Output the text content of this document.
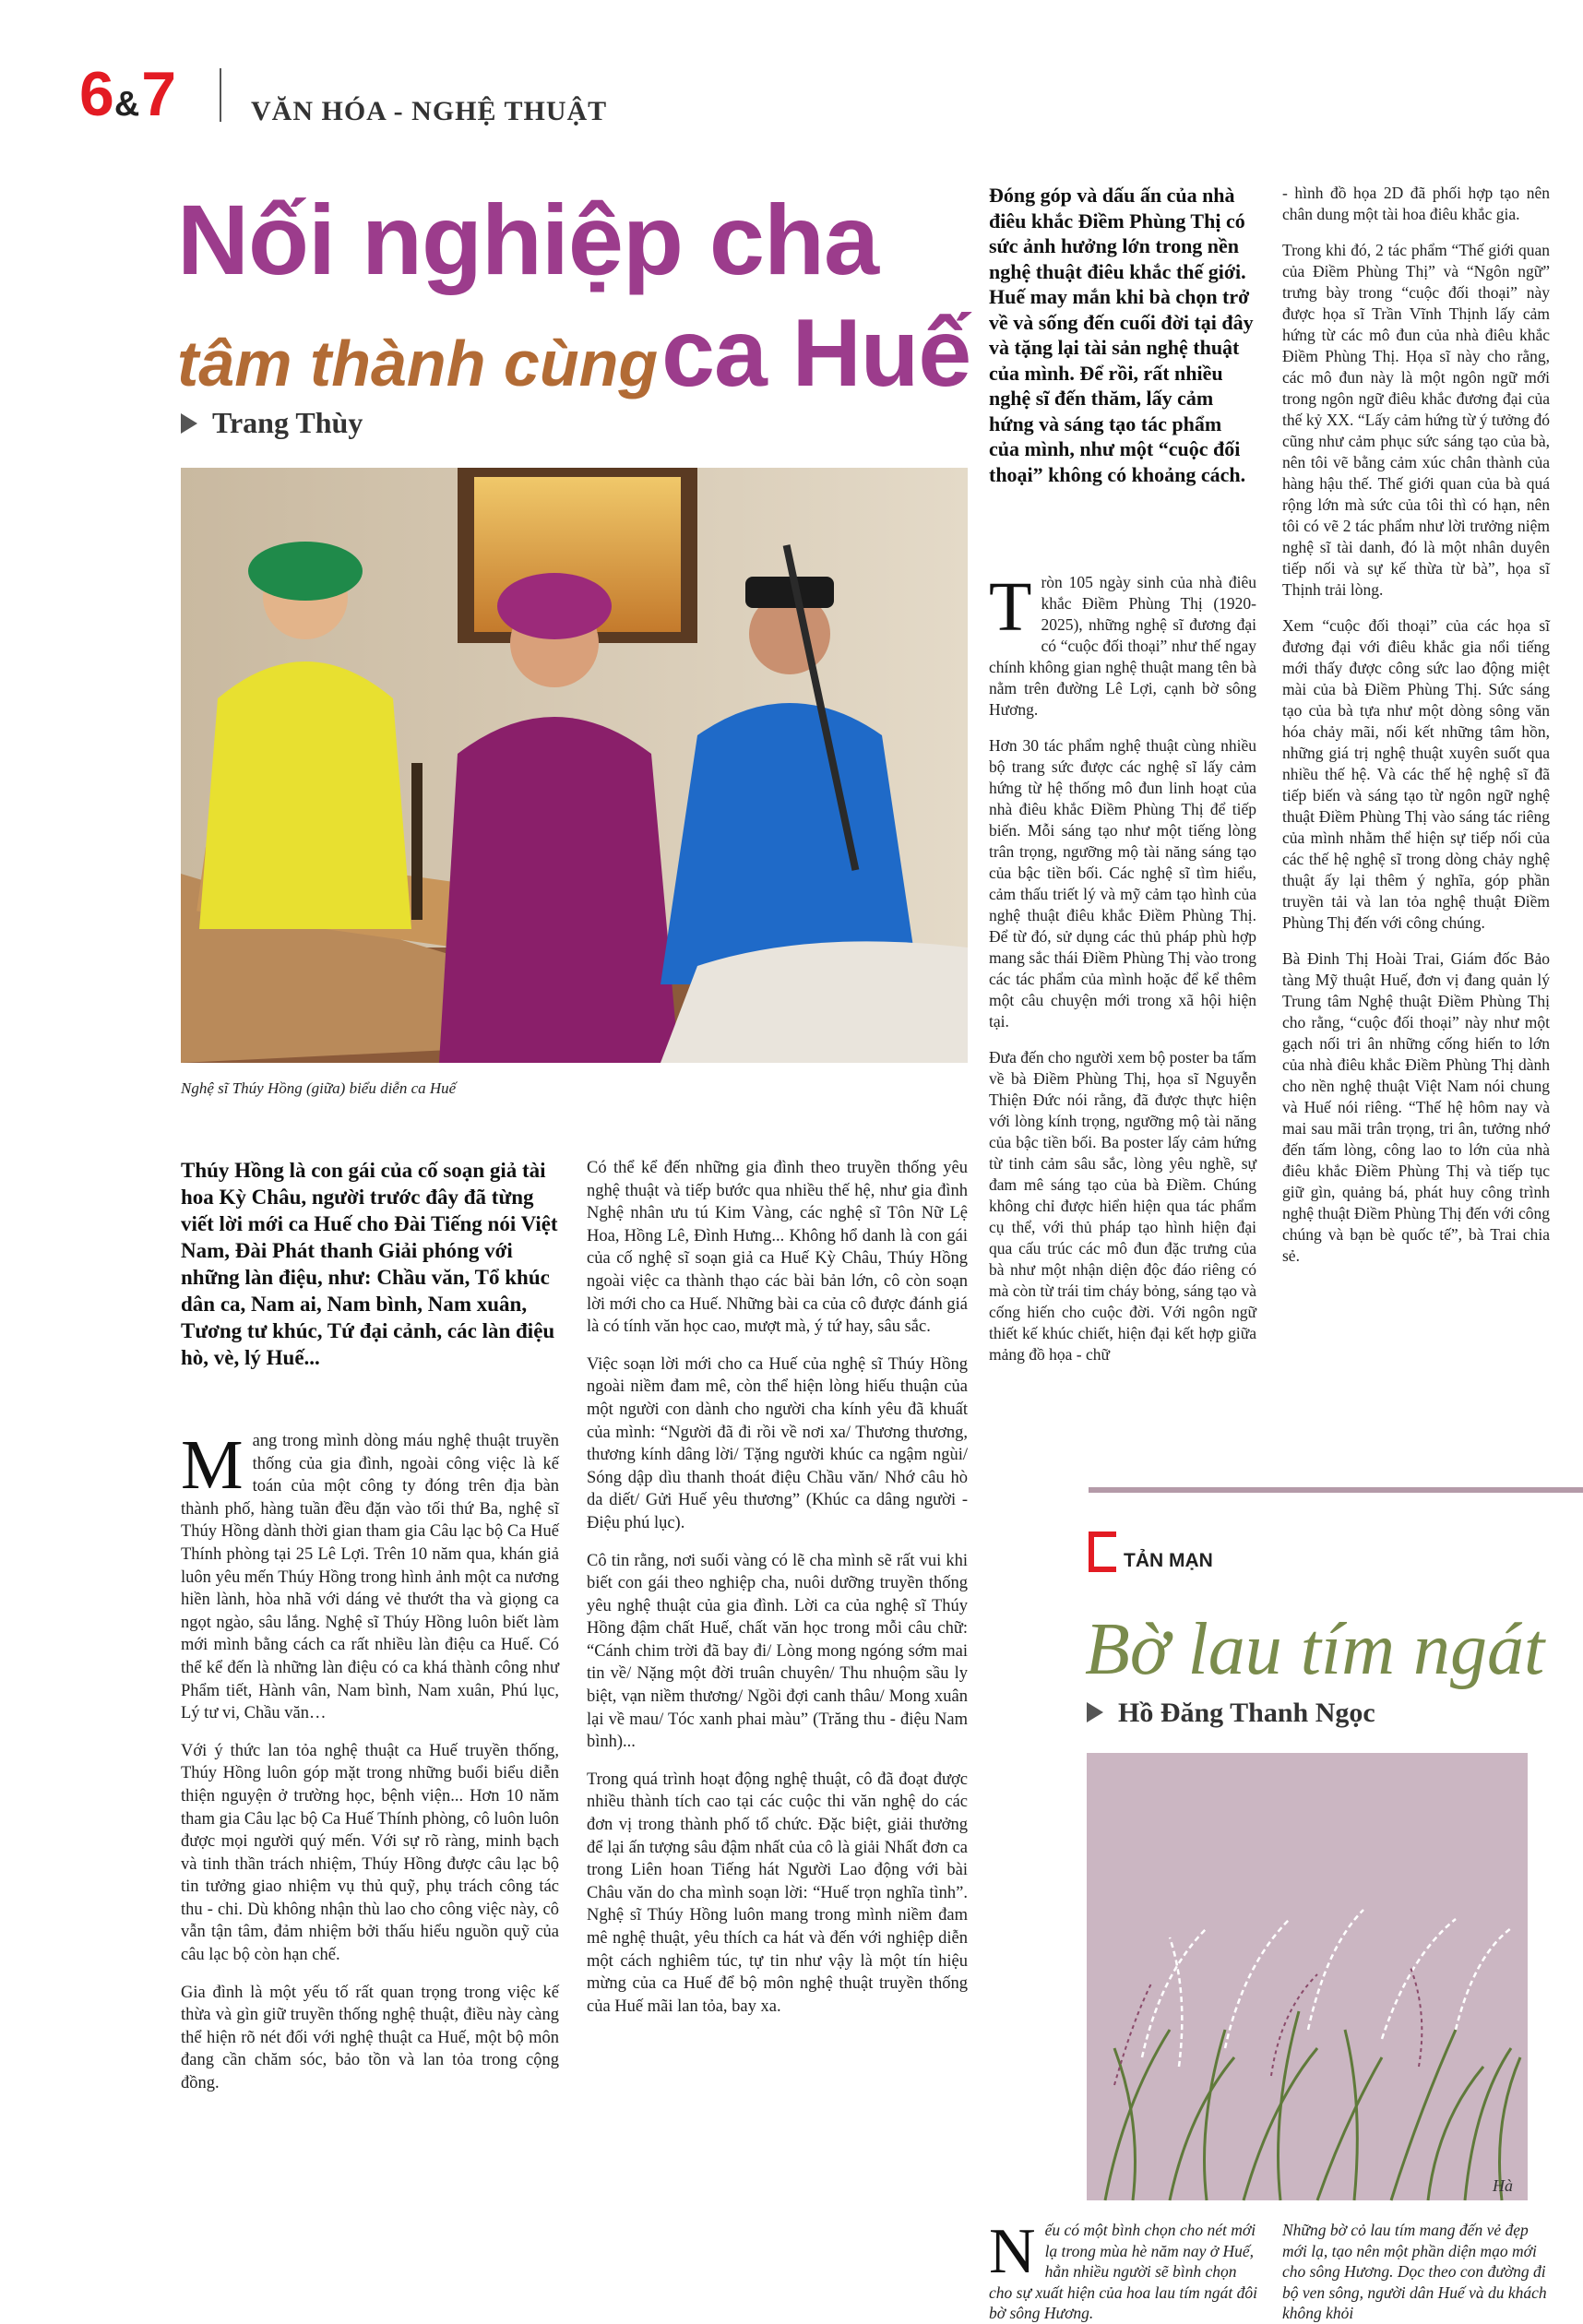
6&7	VĂN HÓA - NGHỆ THUẬT
Nối nghiệp cha
tâm thành cùng ca Huế
Trang Thùy
Nghệ sĩ Thúy Hồng (giữa) biểu diễn ca Huế
Thúy Hồng là con gái của cố soạn giả tài hoa Kỳ Châu, người trước đây đã từng viết lời mới ca Huế cho Đài Tiếng nói Việt Nam, Đài Phát thanh Giải phóng với những làn điệu, như: Chầu văn, Tổ khúc dân ca, Nam ai, Nam bình, Nam xuân, Tương tư khúc, Tứ đại cảnh, các làn điệu hò, vè, lý Huế...

Mang trong mình dòng máu nghệ thuật truyền thống của gia đình, ngoài công việc là kế toán của một công ty đóng trên địa bàn thành phố, hàng tuần đều đặn vào tối thứ Ba, nghệ sĩ Thúy Hồng dành thời gian tham gia Câu lạc bộ Ca Huế Thính phòng tại 25 Lê Lợi. Trên 10 năm qua, khán giả luôn yêu mến Thúy Hồng trong hình ảnh một ca nương hiền lành, hòa nhã với dáng vẻ thướt tha và giọng ca ngọt ngào, sâu lắng. Nghệ sĩ Thúy Hồng luôn biết làm mới mình bằng cách ca rất nhiều làn điệu ca Huế. Có thể kể đến là những làn điệu có ca khá thành công như Phẩm tiết, Hành vân, Nam bình, Nam xuân, Phú lục, Lý tư vi, Chầu văn…

Với ý thức lan tỏa nghệ thuật ca Huế truyền thống, Thúy Hồng luôn góp mặt trong những buổi biểu diễn thiện nguyện ở trường học, bệnh viện... Hơn 10 năm tham gia Câu lạc bộ Ca Huế Thính phòng, cô luôn luôn được mọi người quý mến. Với sự rõ ràng, minh bạch và tinh thần trách nhiệm, Thúy Hồng được câu lạc bộ tin tưởng giao nhiệm vụ thủ quỹ, phụ trách công tác thu - chi. Dù không nhận thù lao cho công việc này, cô vẫn tận tâm, đảm nhiệm bởi thấu hiểu nguồn quỹ của câu lạc bộ còn hạn chế.

Gia đình là một yếu tố rất quan trọng trong việc kế thừa và gìn giữ truyền thống nghệ thuật, điều này càng thể hiện rõ nét đối với nghệ thuật ca Huế, một bộ môn đang cần chăm sóc, bảo tồn và lan tỏa trong cộng đồng.

Có thể kể đến những gia đình theo truyền thống yêu nghệ thuật và tiếp bước qua nhiều thế hệ, như gia đình Nghệ nhân ưu tú Kim Vàng, các nghệ sĩ Tôn Nữ Lệ Hoa, Hồng Lê, Đình Hưng... Không hổ danh là con gái của cố nghệ sĩ soạn giả ca Huế Kỳ Châu, Thúy Hồng ngoài việc ca thành thạo các bài bản lớn, cô còn soạn lời mới cho ca Huế. Những bài ca của cô được đánh giá là có tính văn học cao, mượt mà, ý tứ hay, sâu sắc.

Việc soạn lời mới cho ca Huế của nghệ sĩ Thúy Hồng ngoài niềm đam mê, còn thể hiện lòng hiếu thuận của một người con dành cho người cha kính yêu đã khuất của mình: “Người đã đi rồi về nơi xa/ Thương thương, thương kính dâng lời/ Tặng người khúc ca ngậm ngùi/ Sóng dập dìu thanh thoát điệu Chầu văn/ Nhớ câu hò da diết/ Gửi Huế yêu thương” (Khúc ca dâng người - Điệu phú lục).

Cô tin rằng, nơi suối vàng có lẽ cha mình sẽ rất vui khi biết con gái theo nghiệp cha, nuôi dưỡng truyền thống yêu nghệ thuật của gia đình. Lời ca của nghệ sĩ Thúy Hồng đậm chất Huế, chất văn học trong mỗi câu chữ: “Cánh chim trời đã bay đi/ Lòng mong ngóng sớm mai tin về/ Nặng một đời truân chuyên/ Thu nhuộm sầu ly biệt, vạn niềm thương/ Ngồi đợi canh thâu/ Mong xuân lại về mau/ Tóc xanh phai màu” (Trăng thu - điệu Nam bình)...

Trong quá trình hoạt động nghệ thuật, cô đã đoạt được nhiều thành tích cao tại các cuộc thi văn nghệ do các đơn vị trong thành phố tổ chức. Đặc biệt, giải thưởng để lại ấn tượng sâu đậm nhất của cô là giải Nhất đơn ca trong Liên hoan Tiếng hát Người Lao động với bài Châu văn do cha mình soạn lời: “Huế trọn nghĩa tình”. Nghệ sĩ Thúy Hồng luôn mang trong mình niềm đam mê nghệ thuật, yêu thích ca hát và đến với nghiệp diễn một cách nghiêm túc, tự tin như vậy là một tín hiệu mừng của ca Huế để bộ môn nghệ thuật truyền thống của Huế mãi lan tỏa, bay xa.

Đóng góp và dấu ấn của nhà điêu khắc Điềm Phùng Thị có sức ảnh hưởng lớn trong nền nghệ thuật điêu khắc thế giới. Huế may mắn khi bà chọn trở về và sống đến cuối đời tại đây và tặng lại tài sản nghệ thuật của mình. Để rồi, rất nhiều nghệ sĩ đến thăm, lấy cảm hứng và sáng tạo tác phẩm của mình, như một “cuộc đối thoại” không có khoảng cách.

Tròn 105 ngày sinh của nhà điêu khắc Điềm Phùng Thị (1920-2025), những nghệ sĩ đương đại có “cuộc đối thoại” như thế ngay chính không gian nghệ thuật mang tên bà nằm trên đường Lê Lợi, cạnh bờ sông Hương.

Hơn 30 tác phẩm nghệ thuật cùng nhiều bộ trang sức được các nghệ sĩ lấy cảm hứng từ hệ thống mô đun linh hoạt của nhà điêu khắc Điềm Phùng Thị để tiếp biến. Mỗi sáng tạo như một tiếng lòng trân trọng, ngưỡng mộ tài năng sáng tạo của bậc tiền bối. Các nghệ sĩ tìm hiểu, cảm thấu triết lý và mỹ cảm tạo hình của nghệ thuật điêu khắc Điềm Phùng Thị. Để từ đó, sử dụng các thủ pháp phù hợp mang sắc thái Điềm Phùng Thị vào trong các tác phẩm của mình hoặc để kể thêm một câu chuyện mới trong xã hội hiện tại.

Đưa đến cho người xem bộ poster ba tấm về bà Điềm Phùng Thị, họa sĩ Nguyễn Thiện Đức nói rằng, đã được thực hiện với lòng kính trọng, ngưỡng mộ tài năng của bậc tiền bối. Ba poster lấy cảm hứng từ tinh cảm sâu sắc, lòng yêu nghề, sự đam mê sáng tạo của bà Điềm. Chúng không chỉ được hiển hiện qua tác phẩm cụ thể, với thủ pháp tạo hình hiện đại qua cấu trúc các mô đun đặc trưng của bà như một nhận diện độc đáo riêng có mà còn từ trái tim cháy bỏng, sáng tạo và cống hiến cho cuộc đời. Với ngôn ngữ thiết kế khúc chiết, hiện đại kết hợp giữa mảng đồ họa - chữ

- hình đồ họa 2D đã phối hợp tạo nên chân dung một tài hoa điêu khắc gia.

Trong khi đó, 2 tác phẩm “Thế giới quan của Điềm Phùng Thị” và “Ngôn ngữ” trưng bày trong “cuộc đối thoại” này được họa sĩ Trần Vĩnh Thịnh lấy cảm hứng từ các mô đun của nhà điêu khắc Điềm Phùng Thị. Họa sĩ này cho rằng, các mô đun này là một ngôn ngữ mới trong ngôn ngữ điêu khắc đương đại của thế kỷ XX. “Lấy cảm hứng từ ý tưởng đó cũng như cảm phục sức sáng tạo của bà, nên tôi vẽ bằng cảm xúc chân thành của hàng hậu thế. Thế giới quan của bà quá rộng lớn mà sức của tôi thì có hạn, nên tôi có vẽ 2 tác phẩm như lời trưởng niệm nghệ sĩ tài danh, đó là một nhân duyên tiếp nối và sự kế thừa từ bà”, họa sĩ Thịnh trải lòng.

Xem “cuộc đối thoại” của các họa sĩ đương đại với điêu khắc gia nổi tiếng mới thấy được công sức lao động miệt mài của bà Điềm Phùng Thị. Sức sáng tạo của bà tựa như một dòng sông văn hóa chảy mãi, nối kết những tâm hồn, những giá trị nghệ thuật xuyên suốt qua nhiều thế hệ. Và các thế hệ nghệ sĩ đã tiếp biến và sáng tạo từ ngôn ngữ nghệ thuật Điềm Phùng Thị vào sáng tác riêng của mình nhằm thể hiện sự tiếp nối của các thế hệ nghệ sĩ trong dòng chảy nghệ thuật ấy lại thêm ý nghĩa, góp phần truyền tải và lan tỏa nghệ thuật Điềm Phùng Thị đến với công chúng.

Bà Đinh Thị Hoài Trai, Giám đốc Bảo tàng Mỹ thuật Huế, đơn vị đang quản lý Trung tâm Nghệ thuật Điềm Phùng Thị cho rằng, “cuộc đối thoại” này như một gạch nối tri ân những cống hiến to lớn của nhà điêu khắc Điềm Phùng Thị dành cho nền nghệ thuật Việt Nam nói chung và Huế nói riêng. “Thế hệ hôm nay và mai sau mãi trân trọng, tri ân, tưởng nhớ đến tấm lòng, công lao to lớn của nhà điêu khắc Điềm Phùng Thị và tiếp tục giữ gìn, quảng bá, phát huy công trình nghệ thuật Điềm Phùng Thị đến với công chúng và bạn bè quốc tế”, bà Trai chia sẻ.

TẢN MẠN
Bờ lau tím ngát
Hồ Đăng Thanh Ngọc
Hà
Nếu có một bình chọn cho nét mới lạ trong mùa hè năm nay ở Huế, hẳn nhiều người sẽ bình chọn cho sự xuất hiện của hoa lau tím ngát đôi bờ sông Hương.
Những bờ cỏ lau tím mang đến vẻ đẹp mới lạ, tạo nên một phần diện mạo mới cho sông Hương. Dọc theo con đường đi bộ ven sông, người dân Huế và du khách không khỏi
